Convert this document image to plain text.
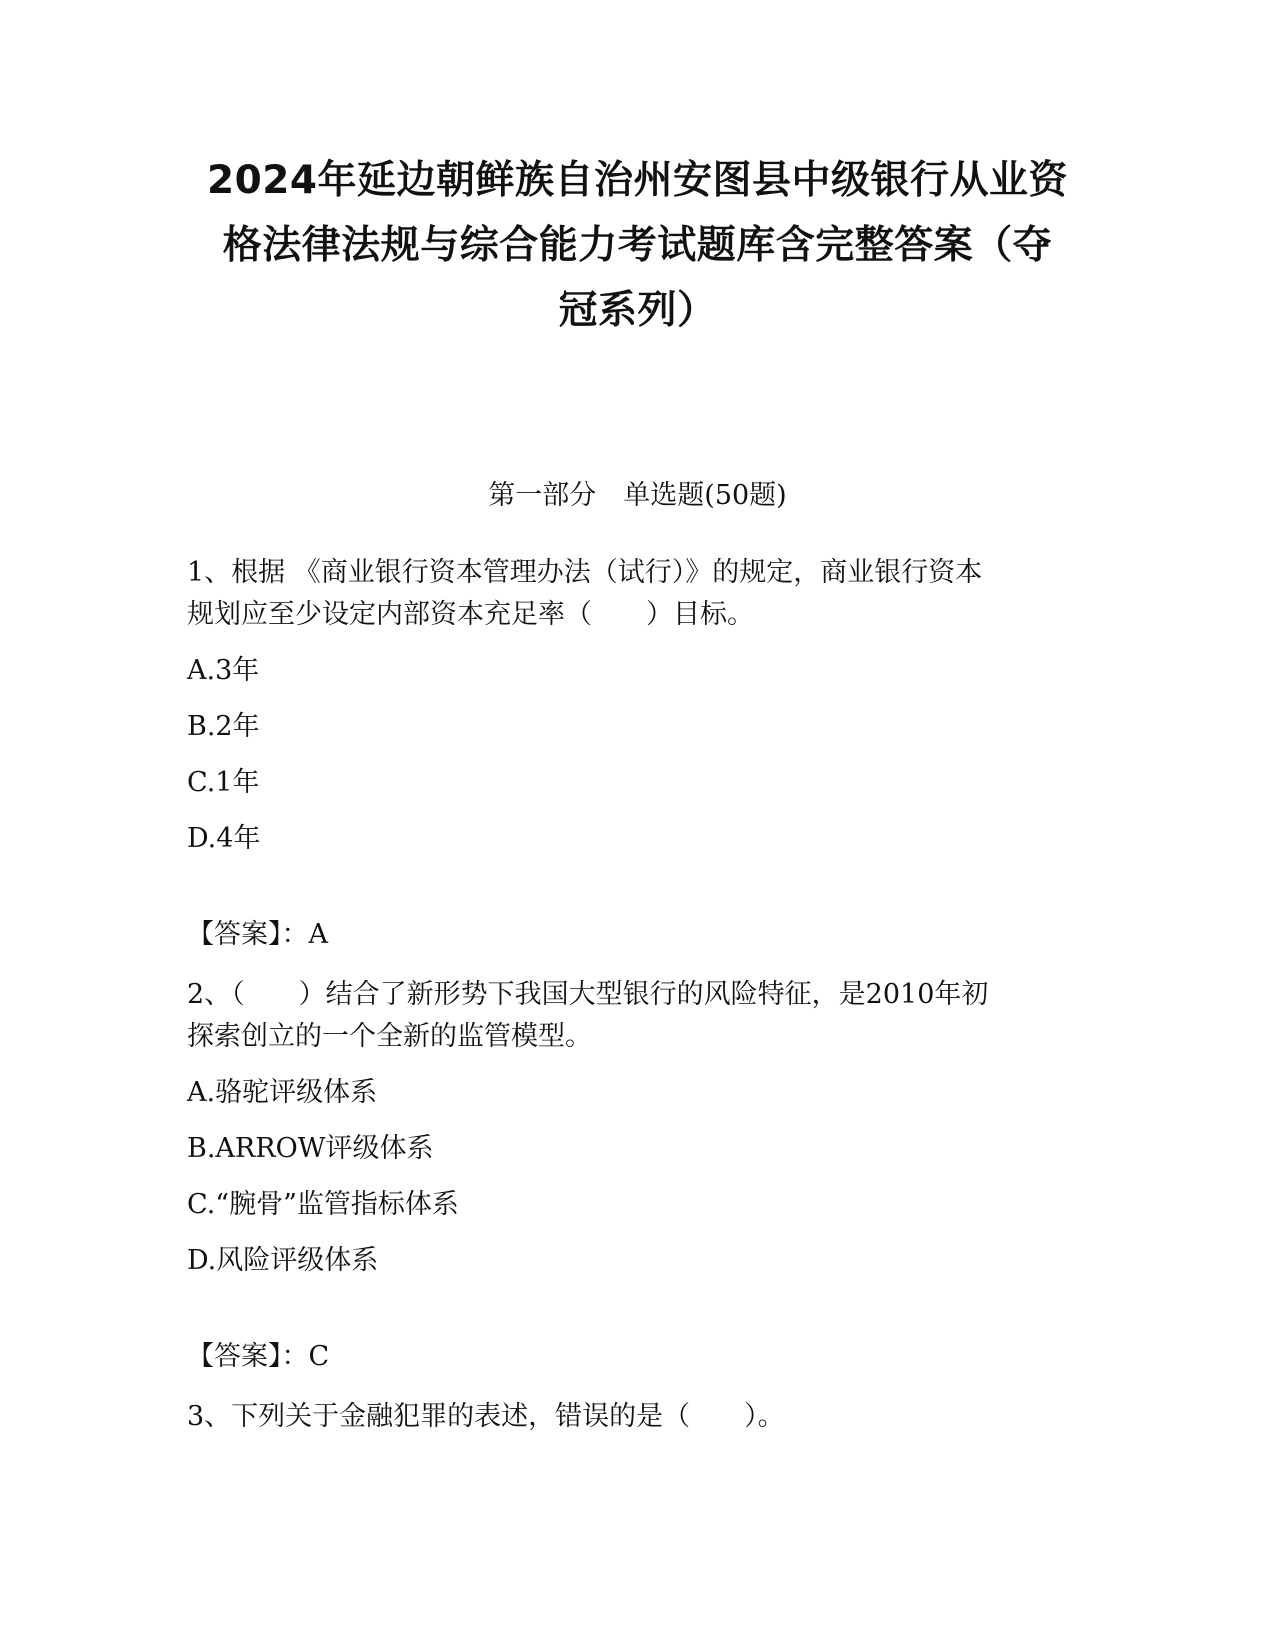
2024年延边朝鲜族自治州安图县中级银行从业资
格法律法规与综合能力考试题库含完整答案（夺
冠系列）
第一部分　单选题(50题)
1、根据 《商业银行资本管理办法（试行）》的规定，商业银行资本
规划应至少设定内部资本充足率（　　）目标。
A.3年
B.2年
C.1年
D.4年
【答案】：A
2、（　　）结合了新形势下我国大型银行的风险特征，是2010年初
探索创立的一个全新的监管模型。
A.骆驼评级体系
B.ARROW评级体系
C.“腕骨”监管指标体系
D.风险评级体系
【答案】：C
3、下列关于金融犯罪的表述，错误的是（　　）。
